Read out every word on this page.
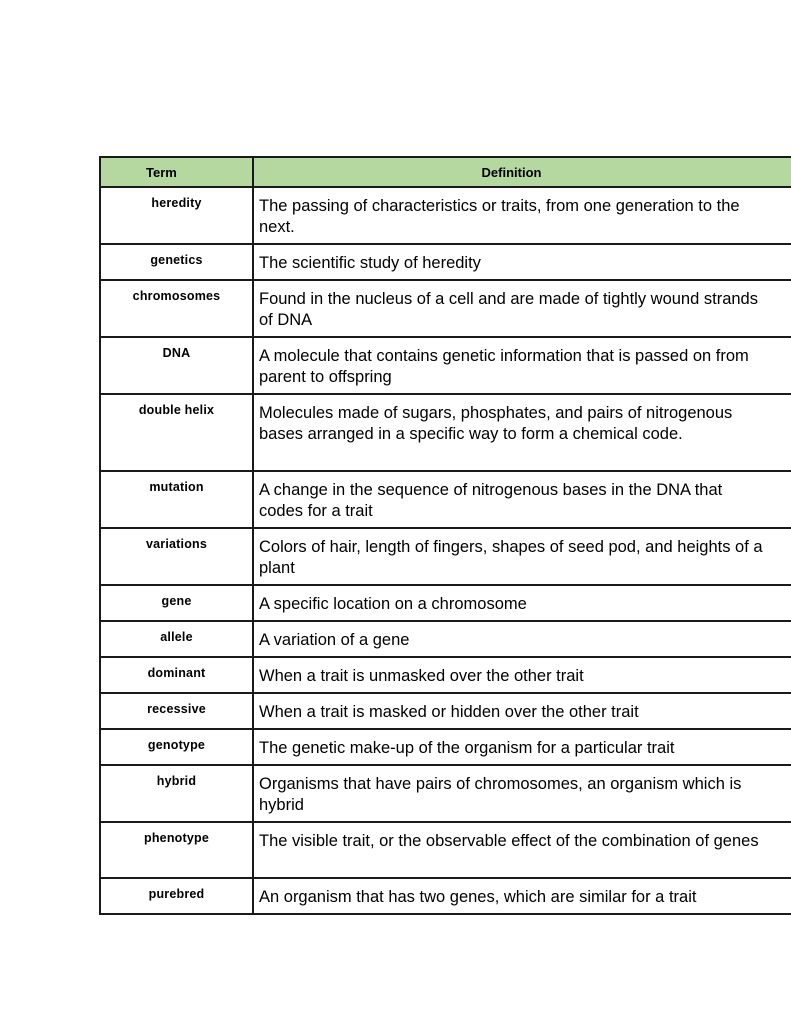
Term	Definition
heredity	The passing of characteristics or traits, from one generation to the next.
genetics	The scientific study of heredity
chromosomes	Found in the nucleus of a cell and are made of tightly wound strands of DNA
DNA	A molecule that contains genetic information that is passed on from parent to offspring
double helix	Molecules made of sugars, phosphates, and pairs of nitrogenous bases arranged in a specific way to form a chemical code.
mutation	A change in the sequence of nitrogenous bases in the DNA that codes for a trait
variations	Colors of hair, length of fingers, shapes of seed pod, and heights of a plant
gene	A specific location on a chromosome
allele	A variation of a gene
dominant	When a trait is unmasked over the other trait
recessive	When a trait is masked or hidden over the other trait
genotype	The genetic make-up of the organism for a particular trait
hybrid	Organisms that have pairs of chromosomes, an organism which is hybrid
phenotype	The visible trait, or the observable effect of the combination of genes
purebred	An organism that has two genes, which are similar for a trait
